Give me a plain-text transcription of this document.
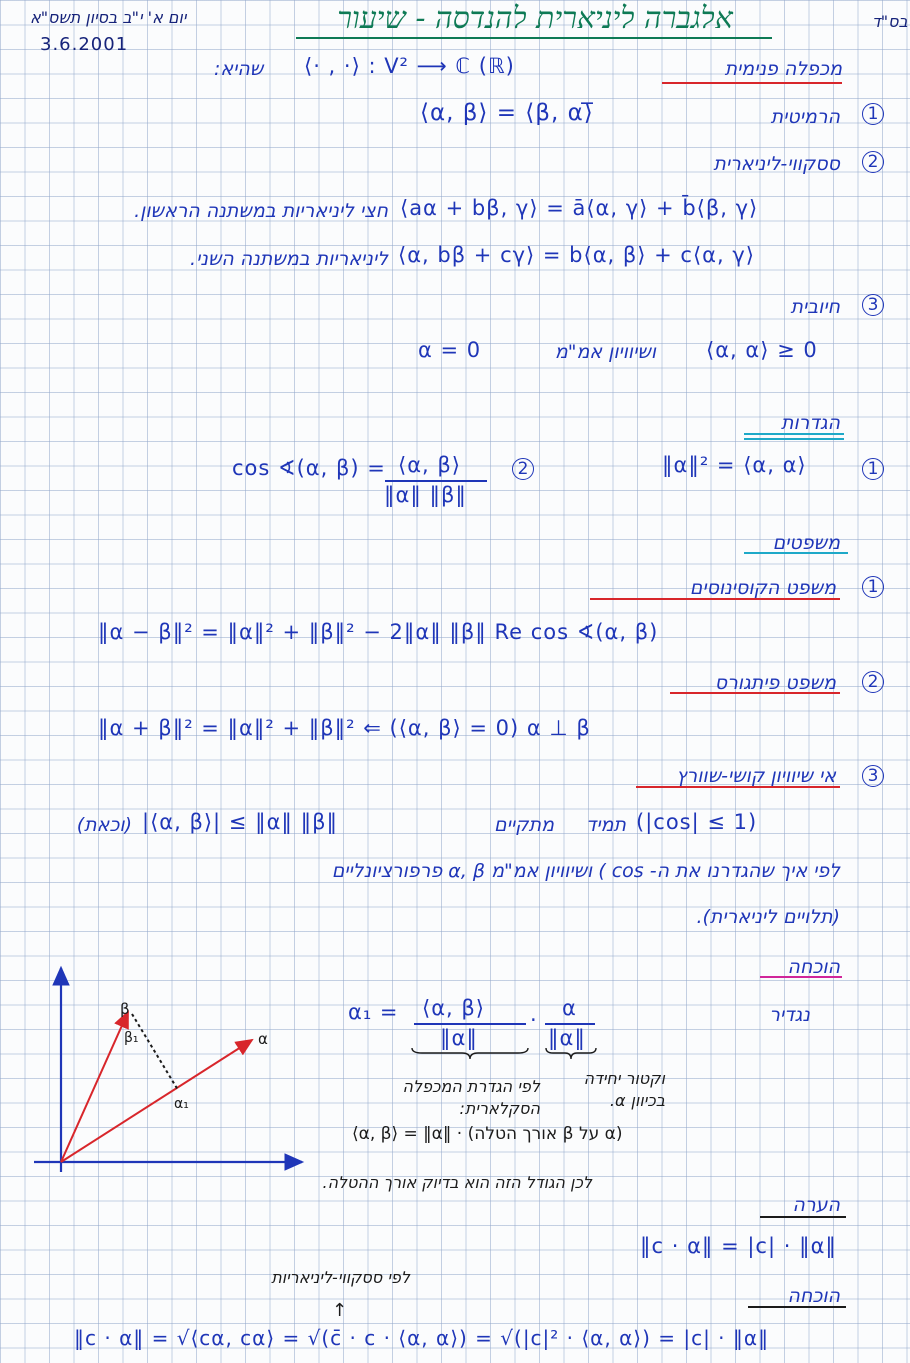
בס"ד
יום א' י"ב בסיון תשס"א
3.6.2001
אלגברה ליניארית להנדסה - שיעור
מכפלה פנימית
שהיא: ⟨· , ·⟩ : V² ⟶ ℂ (ℝ)
1
הרמיטית
⟨α, β⟩ = ⟨β, α⟩̅
2
ססקווי-ליניארית
⟨aα + bβ, γ⟩ = ā⟨α, γ⟩ + b̄⟨β, γ⟩
חצי ליניאריות במשתנה הראשון.
⟨α, bβ + cγ⟩ = b⟨α, β⟩ + c⟨α, γ⟩
ליניאריות במשתנה השני.
3
חיובית
⟨α, α⟩ ≥ 0
ושיוויון אמ"מ
α = 0
הגדרות
1
‖α‖² = ⟨α, α⟩
2
cos ∢(α, β) = ⟨α, β⟩
‖α‖ ‖β‖
משפטים
1
משפט הקוסינוסים
‖α − β‖² = ‖α‖² + ‖β‖² − 2‖α‖ ‖β‖ Re cos ∢(α, β)
2
משפט פיתגורס
‖α + β‖² = ‖α‖² + ‖β‖² ⇐ (⟨α, β⟩ = 0) α ⊥ β
3
אי שיוויון קושי-שוורץ
(|cos| ≤ 1)
תמיד
מתקיים
|⟨α, β⟩| ≤ ‖α‖ ‖β‖
(וכאת)
לפי איך שהגדרנו את ה- cos ) ושיוויון אמ"מ α, β פרפורציונליים
(תלויים ליניארית).
הוכחה
נגדיר
α₁ = ⟨α, β⟩
‖α‖
· α
‖α‖
וקטור יחידה בכיוון α.
לפי הגדרת המכפלה הסקלארית:
⟨α, β⟩ = ‖α‖ · (אורך הטלה β על α)
לכן הגודל הזה הוא בדיוק אורך ההטלה.
β
β₁	α
α₁
הערה
‖c · α‖ = |c| · ‖α‖
הוכחה
לפי ססקווי-ליניאריות
↑
‖c · α‖ = √⟨cα, cα⟩ = √(c̄ · c · ⟨α, α⟩) = √(|c|² · ⟨α, α⟩) = |c| · ‖α‖
